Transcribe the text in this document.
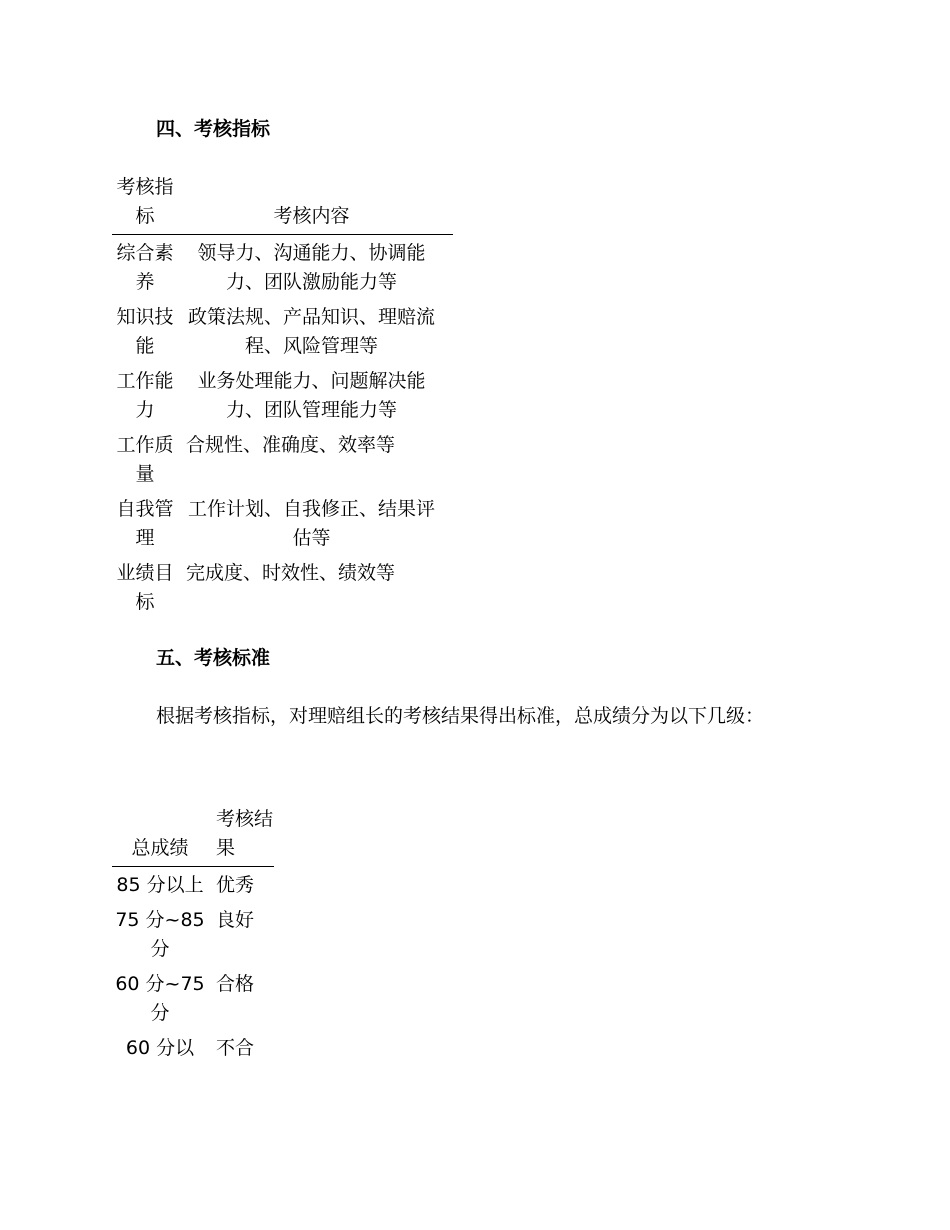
四、考核指标
考核指标	考核内容
综合素养	领导力、沟通能力、协调能力、团队激励能力等
知识技能	政策法规、产品知识、理赔流程、风险管理等
工作能力	业务处理能力、问题解决能力、团队管理能力等
工作质量	合规性、准确度、效率等
自我管理	工作计划、自我修正、结果评估等
业绩目标	完成度、时效性、绩效等
五、考核标准

根据考核指标，对理赔组长的考核结果得出标准，总成绩分为以下几级：

总成绩	考核结果
85 分以上	优秀
75 分~85 分	良好
60 分~75 分	合格
60 分以	不合
